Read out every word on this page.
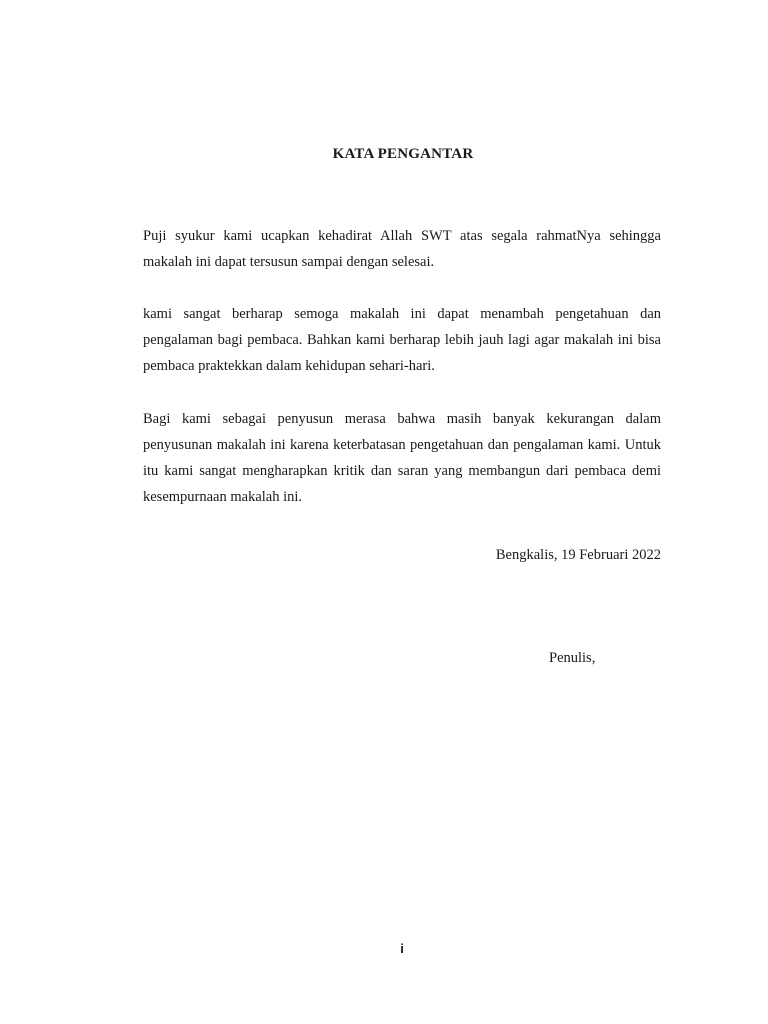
KATA PENGANTAR

Puji syukur kami ucapkan kehadirat Allah SWT atas segala rahmatNya sehingga makalah ini dapat tersusun sampai dengan selesai.

kami sangat berharap semoga makalah ini dapat menambah pengetahuan dan pengalaman bagi pembaca. Bahkan kami berharap lebih jauh lagi agar makalah ini bisa pembaca praktekkan dalam kehidupan sehari-hari.

Bagi kami sebagai penyusun merasa bahwa masih banyak kekurangan dalam penyusunan makalah ini karena keterbatasan pengetahuan dan pengalaman kami. Untuk itu kami sangat mengharapkan kritik dan saran yang membangun dari pembaca demi kesempurnaan makalah ini.

Bengkalis, 19 Februari 2022
Penulis,
i
